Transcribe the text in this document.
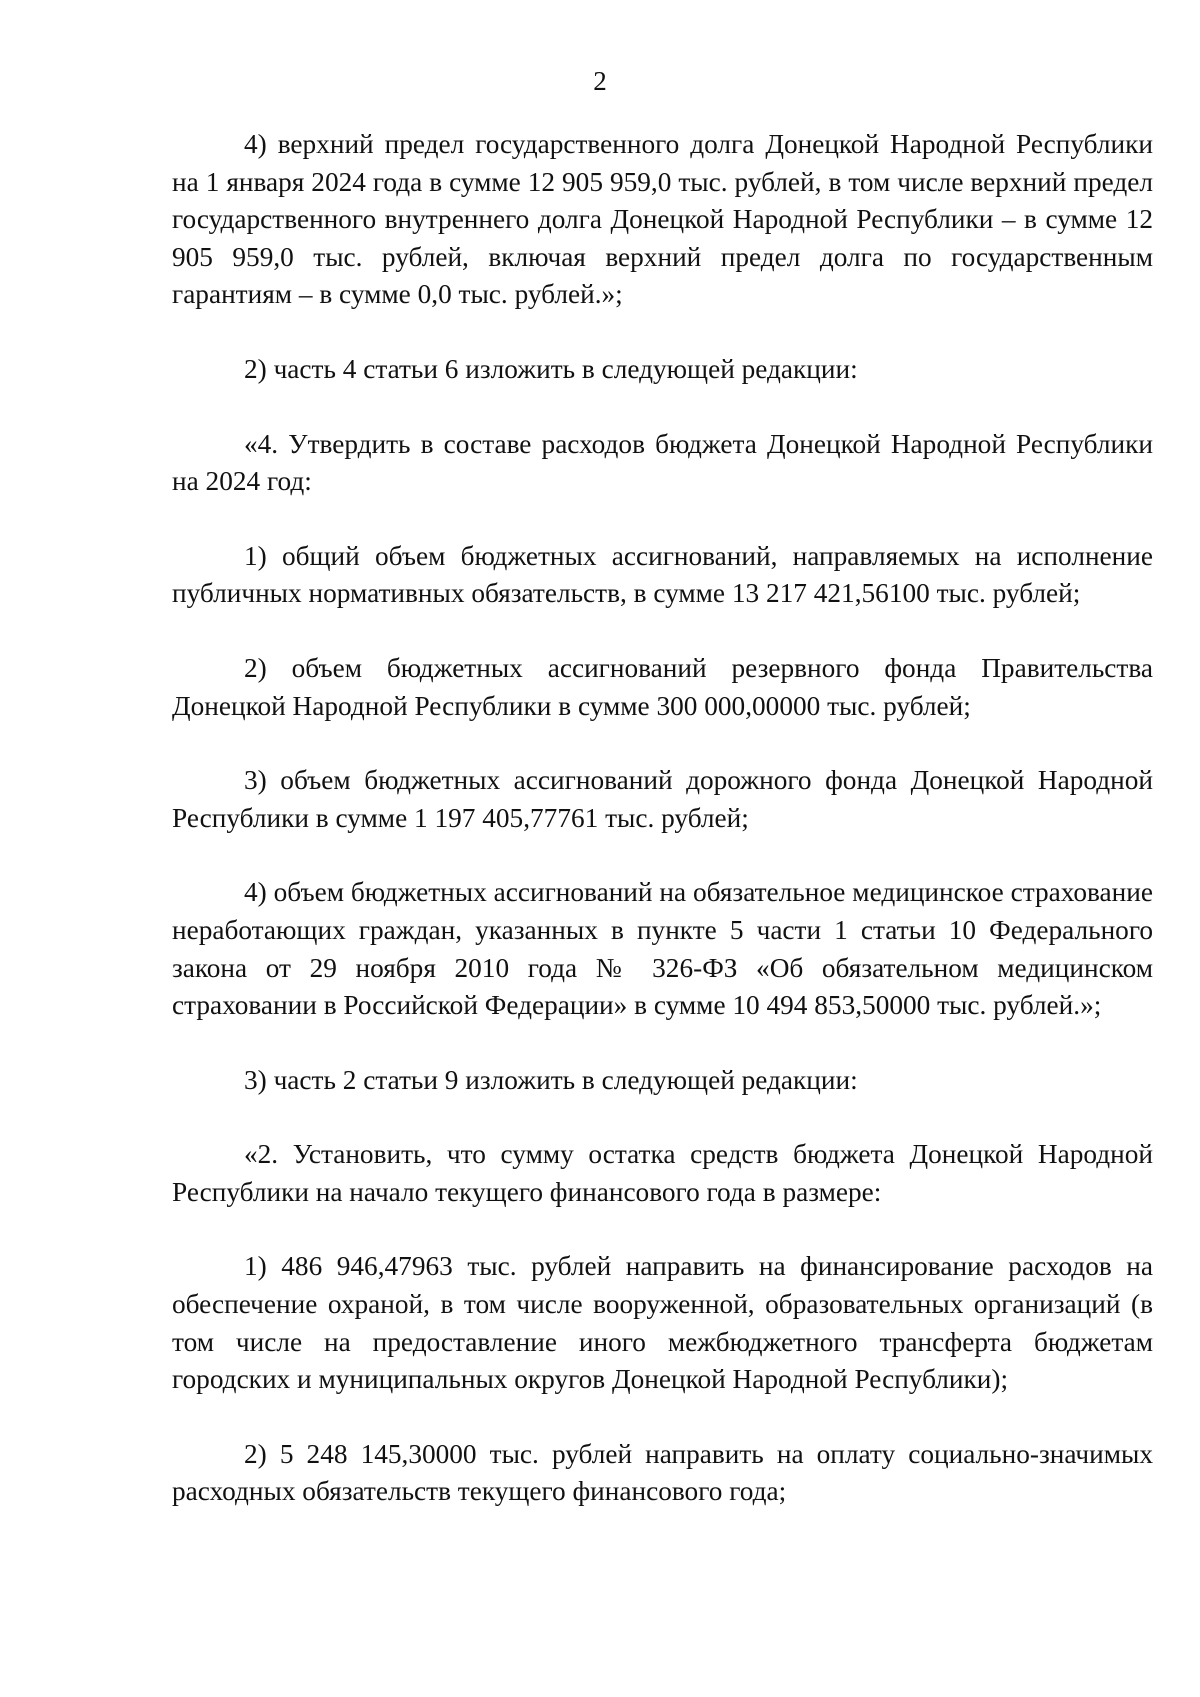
2

4) верхний предел государственного долга Донецкой Народной Республики на 1 января 2024 года в сумме 12 905 959,0 тыс. рублей, в том числе верхний предел государственного внутреннего долга Донецкой Народной Республики – в сумме 12 905 959,0 тыс. рублей, включая верхний предел долга по государственным гарантиям – в сумме 0,0 тыс. рублей.»;

2) часть 4 статьи 6 изложить в следующей редакции:

«4. Утвердить в составе расходов бюджета Донецкой Народной Республики на 2024 год:

1) общий объем бюджетных ассигнований, направляемых на исполнение публичных нормативных обязательств, в сумме 13 217 421,56100 тыс. рублей;

2) объем бюджетных ассигнований резервного фонда Правительства Донецкой Народной Республики в сумме 300 000,00000 тыс. рублей;

3) объем бюджетных ассигнований дорожного фонда Донецкой Народной Республики в сумме 1 197 405,77761 тыс. рублей;

4) объем бюджетных ассигнований на обязательное медицинское страхование неработающих граждан, указанных в пункте 5 части 1 статьи 10 Федерального закона от 29 ноября 2010 года № 326-ФЗ «Об обязательном медицинском страховании в Российской Федерации» в сумме 10 494 853,50000 тыс. рублей.»;

3) часть 2 статьи 9 изложить в следующей редакции:

«2. Установить, что сумму остатка средств бюджета Донецкой Народной Республики на начало текущего финансового года в размере:

1) 486 946,47963 тыс. рублей направить на финансирование расходов на обеспечение охраной, в том числе вооруженной, образовательных организаций (в том числе на предоставление иного межбюджетного трансферта бюджетам городских и муниципальных округов Донецкой Народной Республики);

2) 5 248 145,30000 тыс. рублей направить на оплату социально-значимых расходных обязательств текущего финансового года;
